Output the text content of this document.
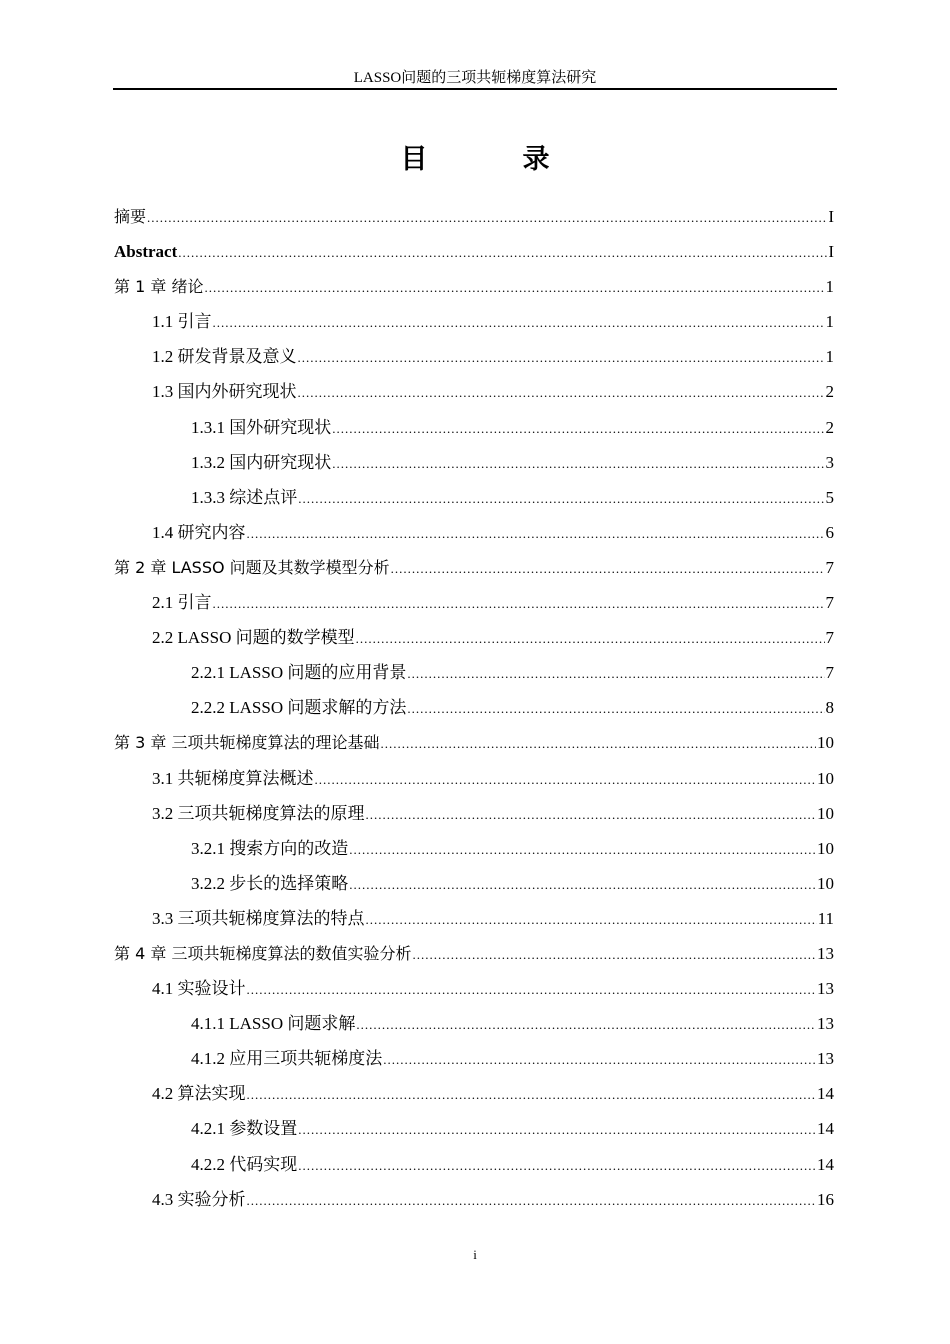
LASSO问题的三项共轭梯度算法研究
目　录
摘要 .....	I
Abstract .....	I
第 1 章 绪论 .....	1
1.1 引言 .....	1
1.2 研发背景及意义 .....	1
1.3 国内外研究现状 .....	2
1.3.1 国外研究现状 .....	2
1.3.2 国内研究现状 .....	3
1.3.3 综述点评 .....	5
1.4 研究内容 .....	6
第 2 章 LASSO 问题及其数学模型分析 .....	7
2.1 引言 .....	7
2.2 LASSO 问题的数学模型 .....	7
2.2.1 LASSO 问题的应用背景 .....	7
2.2.2 LASSO 问题求解的方法 .....	8
第 3 章 三项共轭梯度算法的理论基础 .....	10
3.1 共轭梯度算法概述 .....	10
3.2 三项共轭梯度算法的原理 .....	10
3.2.1 搜索方向的改造 .....	10
3.2.2 步长的选择策略 .....	10
3.3 三项共轭梯度算法的特点 .....	11
第 4 章 三项共轭梯度算法的数值实验分析 .....	13
4.1 实验设计 .....	13
4.1.1 LASSO 问题求解 .....	13
4.1.2 应用三项共轭梯度法 .....	13
4.2 算法实现 .....	14
4.2.1 参数设置 .....	14
4.2.2 代码实现 .....	14
4.3 实验分析 .....	16
i
